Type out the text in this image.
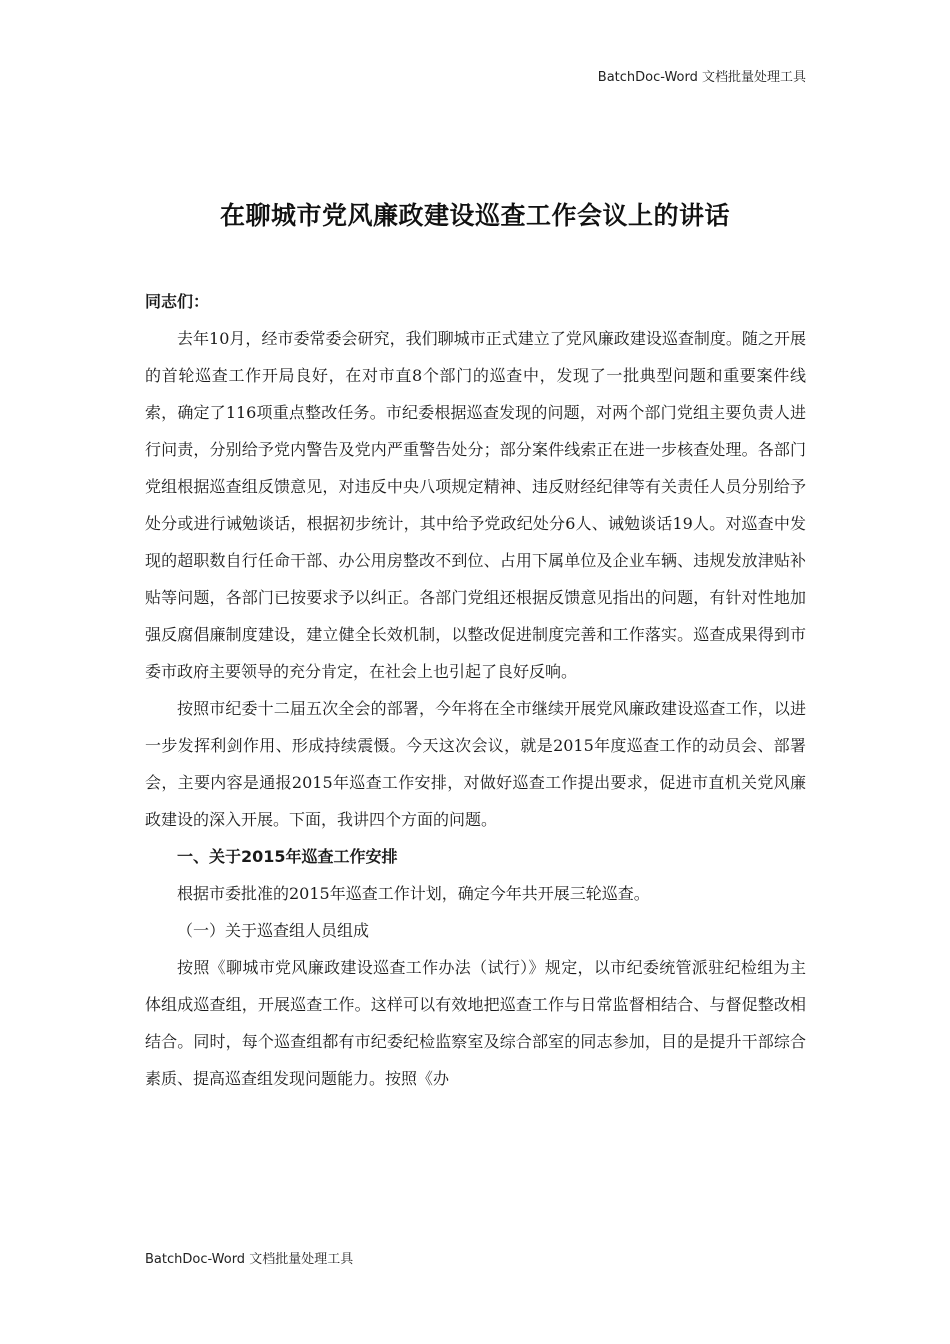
BatchDoc-Word 文档批量处理工具
在聊城市党风廉政建设巡查工作会议上的讲话

同志们：

去年10月，经市委常委会研究，我们聊城市正式建立了党风廉政建设巡查制度。随之开展的首轮巡查工作开局良好，在对市直8个部门的巡查中，发现了一批典型问题和重要案件线索，确定了116项重点整改任务。市纪委根据巡查发现的问题，对两个部门党组主要负责人进行问责，分别给予党内警告及党内严重警告处分；部分案件线索正在进一步核查处理。各部门党组根据巡查组反馈意见，对违反中央八项规定精神、违反财经纪律等有关责任人员分别给予处分或进行诫勉谈话，根据初步统计，其中给予党政纪处分6人、诫勉谈话19人。对巡查中发现的超职数自行任命干部、办公用房整改不到位、占用下属单位及企业车辆、违规发放津贴补贴等问题，各部门已按要求予以纠正。各部门党组还根据反馈意见指出的问题，有针对性地加强反腐倡廉制度建设，建立健全长效机制，以整改促进制度完善和工作落实。巡查成果得到市委市政府主要领导的充分肯定，在社会上也引起了良好反响。

按照市纪委十二届五次全会的部署，今年将在全市继续开展党风廉政建设巡查工作，以进一步发挥利剑作用、形成持续震慑。今天这次会议，就是2015年度巡查工作的动员会、部署会，主要内容是通报2015年巡查工作安排，对做好巡查工作提出要求，促进市直机关党风廉政建设的深入开展。下面，我讲四个方面的问题。

一、关于2015年巡查工作安排

根据市委批准的2015年巡查工作计划，确定今年共开展三轮巡查。

（一）关于巡查组人员组成

按照《聊城市党风廉政建设巡查工作办法（试行）》规定，以市纪委统管派驻纪检组为主体组成巡查组，开展巡查工作。这样可以有效地把巡查工作与日常监督相结合、与督促整改相结合。同时，每个巡查组都有市纪委纪检监察室及综合部室的同志参加，目的是提升干部综合素质、提高巡查组发现问题能力。按照《办

BatchDoc-Word 文档批量处理工具
